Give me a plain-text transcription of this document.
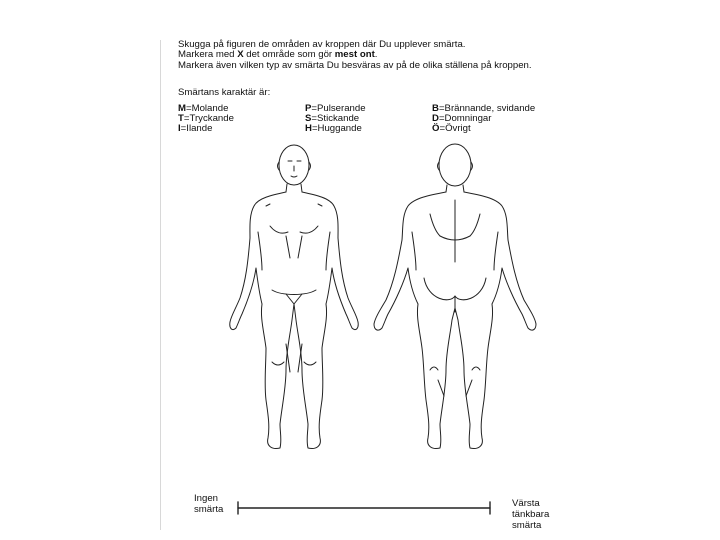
Skugga på figuren de områden av kroppen där Du upplever smärta.
Markera med X det område som gör mest ont.
Markera även vilken typ av smärta Du besväras av på de olika ställena på kroppen.
Smärtans karaktär är:
M=Molande
T=Tryckande
I=Ilande
P=Pulserande
S=Stickande
H=Huggande
B=Brännande, svidande
D=Domningar
Ö=Övrigt
Ingen
smärta
Värsta
tänkbara
smärta
